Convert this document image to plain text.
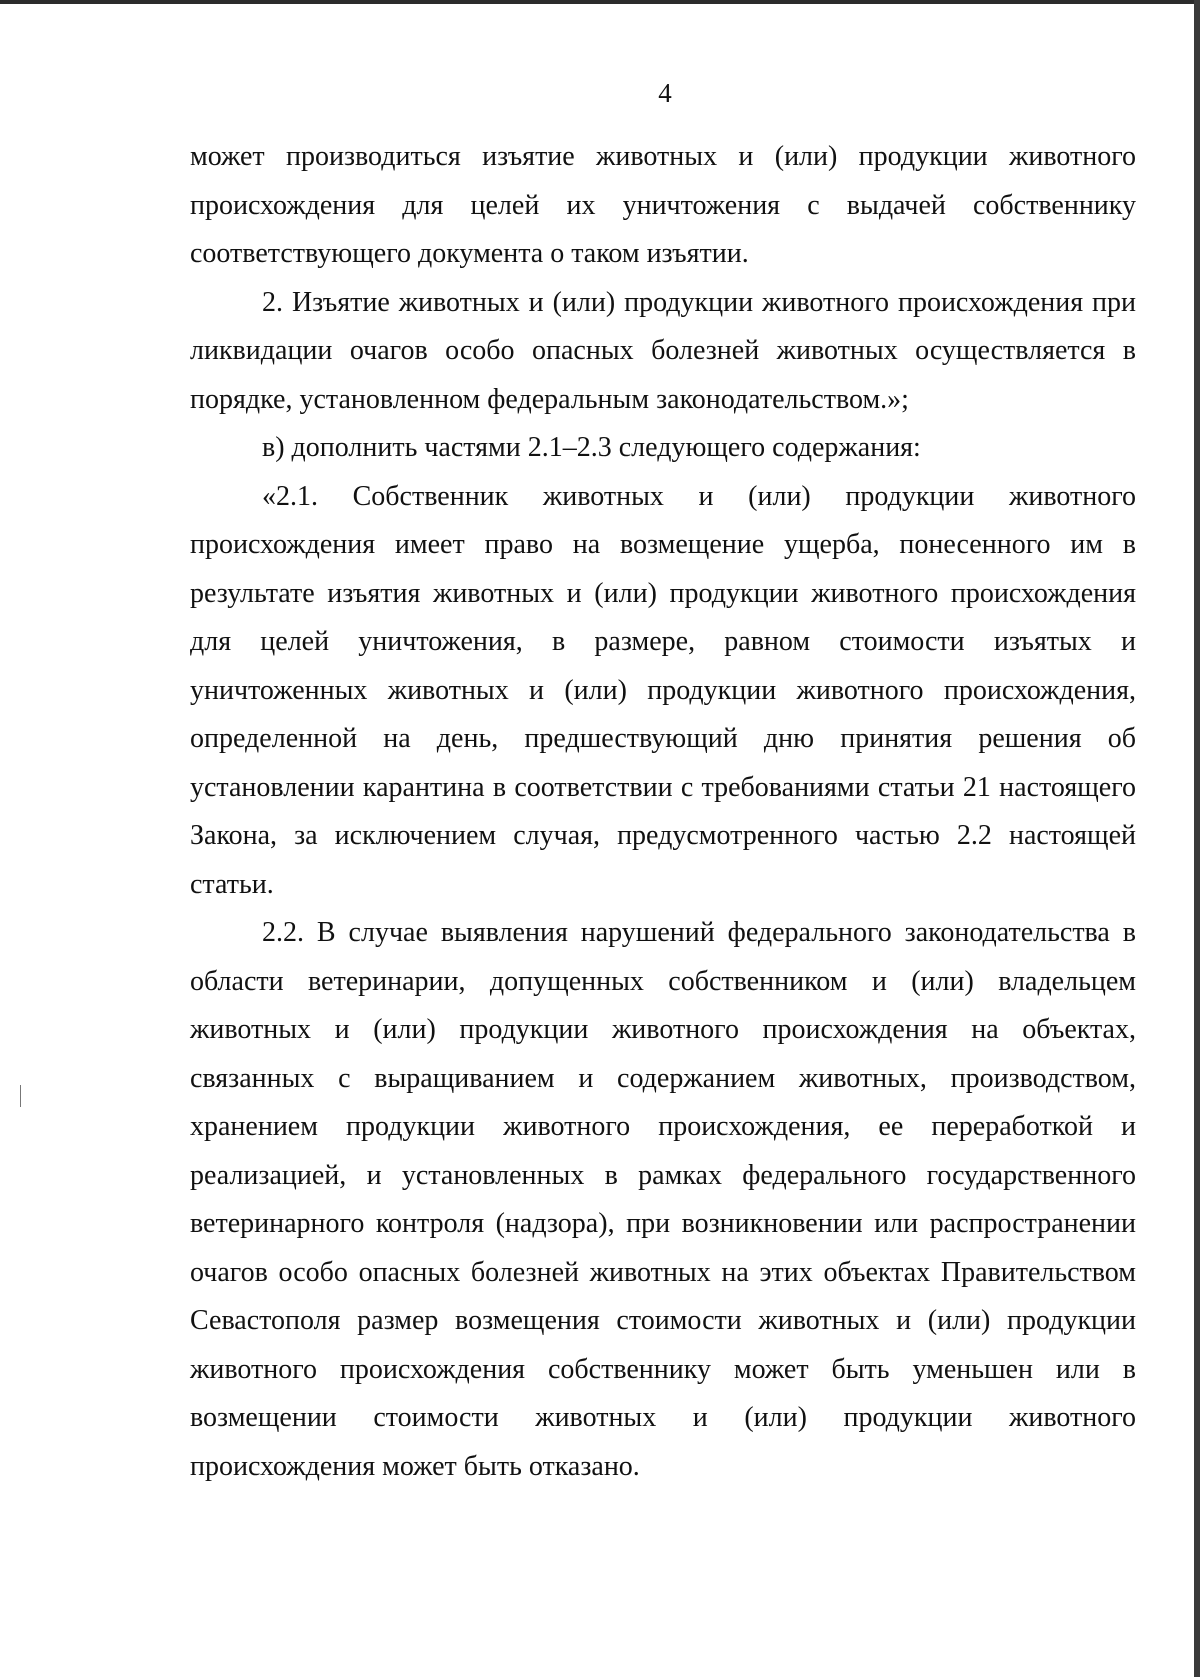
4

может производиться изъятие животных и (или) продукции животного происхождения для целей их уничтожения с выдачей собственнику соответствующего документа о таком изъятии.

2. Изъятие животных и (или) продукции животного происхождения при ликвидации очагов особо опасных болезней животных осуществляется в порядке, установленном федеральным законодательством.»;

в) дополнить частями 2.1–2.3 следующего содержания:

«2.1. Собственник животных и (или) продукции животного происхождения имеет право на возмещение ущерба, понесенного им в результате изъятия животных и (или) продукции животного происхождения для целей уничтожения, в размере, равном стоимости изъятых и уничтоженных животных и (или) продукции животного происхождения, определенной на день, предшествующий дню принятия решения об установлении карантина в соответствии с требованиями статьи 21 настоящего Закона, за исключением случая, предусмотренного частью 2.2 настоящей статьи.

2.2. В случае выявления нарушений федерального законодательства в области ветеринарии, допущенных собственником и (или) владельцем животных и (или) продукции животного происхождения на объектах, связанных с выращиванием и содержанием животных, производством, хранением продукции животного происхождения, ее переработкой и реализацией, и установленных в рамках федерального государственного ветеринарного контроля (надзора), при возникновении или распространении очагов особо опасных болезней животных на этих объектах Правительством Севастополя размер возмещения стоимости животных и (или) продукции животного происхождения собственнику может быть уменьшен или в возмещении стоимости животных и (или) продукции животного происхождения может быть отказано.
